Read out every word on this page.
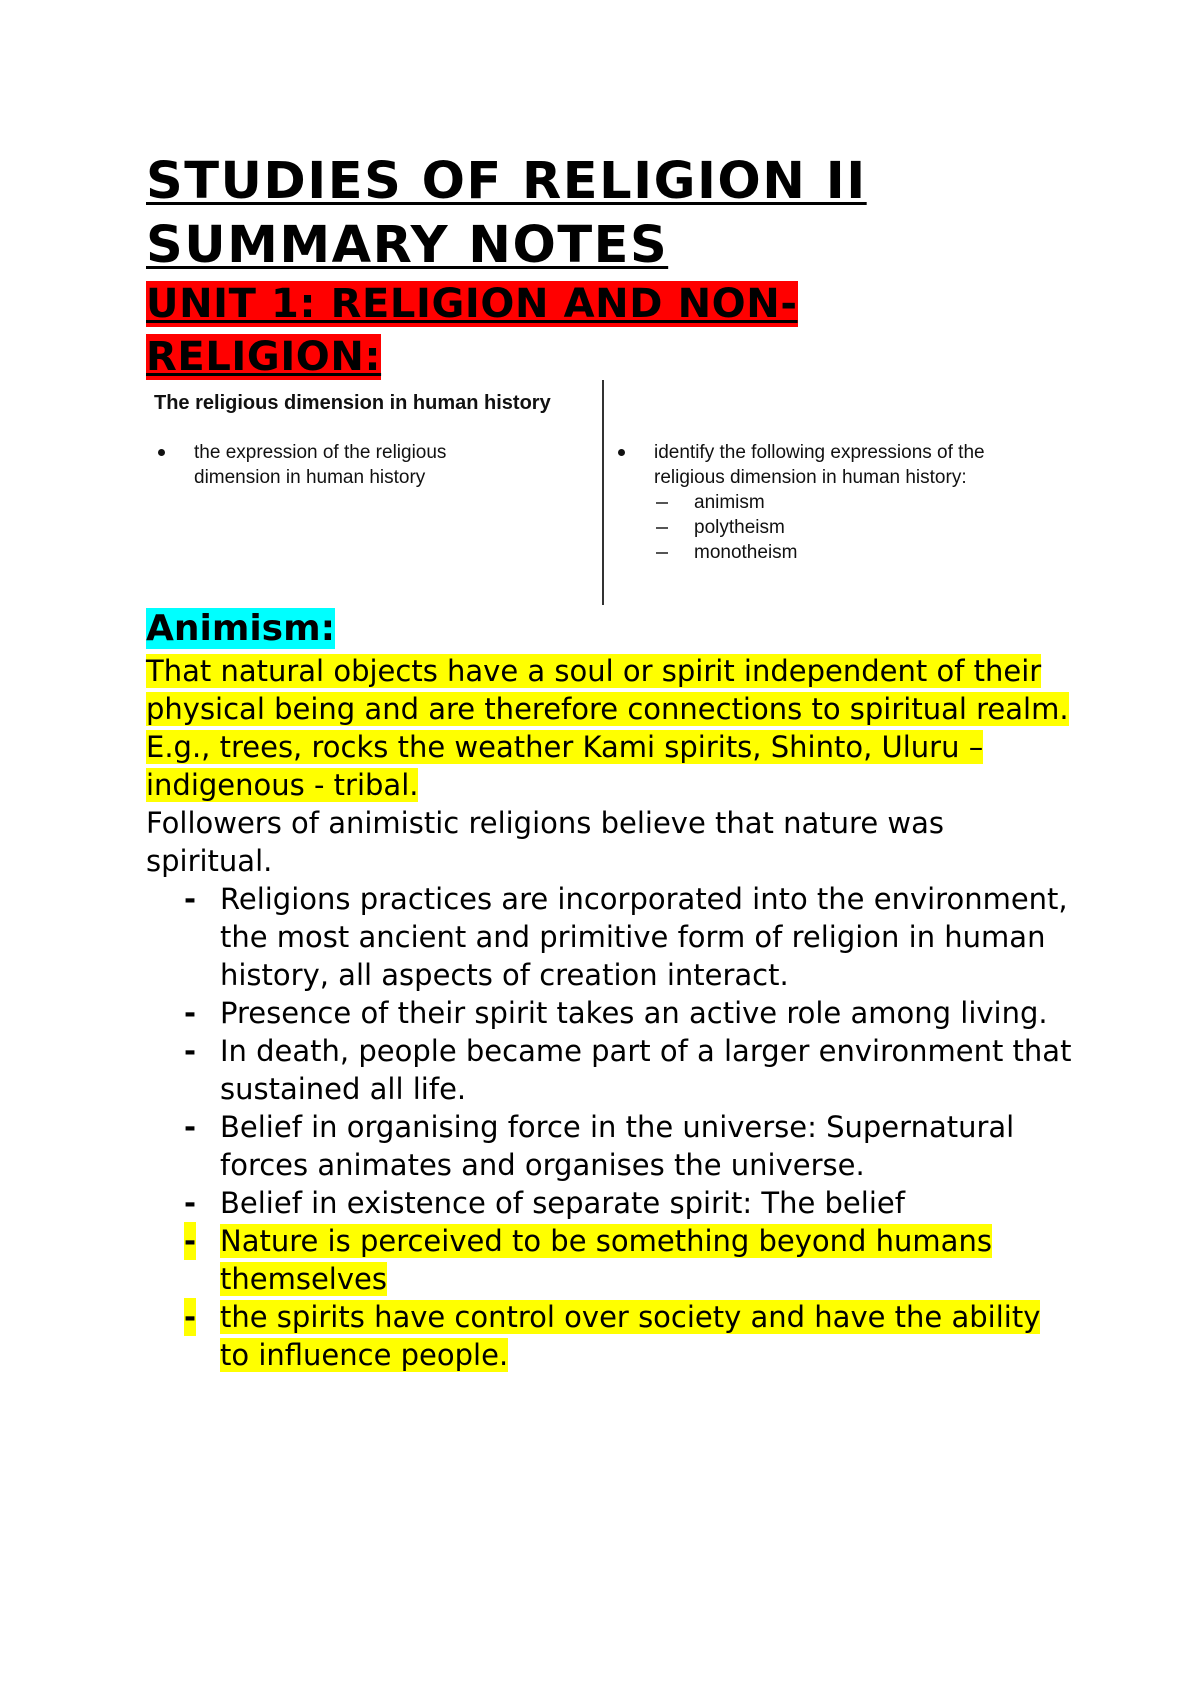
STUDIES OF RELIGION II
SUMMARY NOTES
UNIT 1: RELIGION AND NON-
RELIGION:
The religious dimension in human history
the expression of the religious dimension in human history
identify the following expressions of the religious dimension in human history:
animism
polytheism
monotheism
Animism:

That natural objects have a soul or spirit independent of their physical being and are therefore connections to spiritual realm. E.g., trees, rocks the weather Kami spirits, Shinto, Uluru – indigenous - tribal.

Followers of animistic religions believe that nature was spiritual.

- Religions practices are incorporated into the environment, the most ancient and primitive form of religion in human history, all aspects of creation interact.
- Presence of their spirit takes an active role among living.
- In death, people became part of a larger environment that sustained all life.
- Belief in organising force in the universe: Supernatural forces animates and organises the universe.
- Belief in existence of separate spirit: The belief
- Nature is perceived to be something beyond humans themselves
- the spirits have control over society and have the ability to influence people.
